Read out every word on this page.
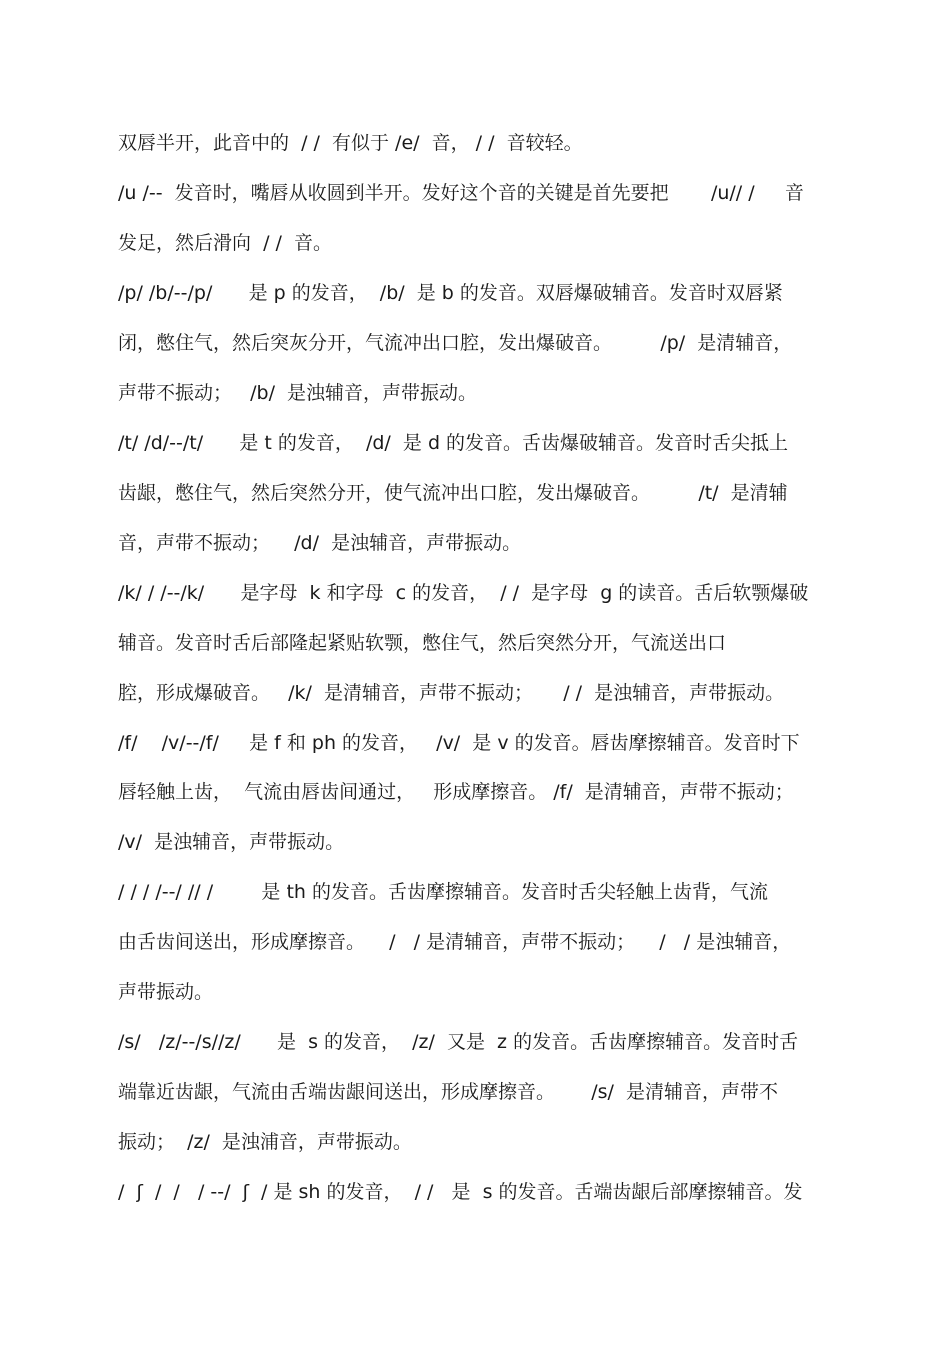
双唇半开，此音中的  / /  有似于 /e/  音， / /  音较轻。
/u /--  发音时，嘴唇从收圆到半开。发好这个音的关键是首先要把       /u// /     音
发足，然后滑向  / /  音。
/p/ /b/--/p/      是 p 的发音，  /b/  是 b 的发音。双唇爆破辅音。发音时双唇紧
闭，憋住气，然后突灰分开，气流冲出口腔，发出爆破音。        /p/  是清辅音，
声带不振动；   /b/  是浊辅音，声带振动。
/t/ /d/--/t/      是 t 的发音，  /d/  是 d 的发音。舌齿爆破辅音。发音时舌尖抵上
齿龈，憋住气，然后突然分开，使气流冲出口腔，发出爆破音。        /t/  是清辅
音，声带不振动；    /d/  是浊辅音，声带振动。
/k/ / /--/k/      是字母  k 和字母  c 的发音，  / /  是字母  g 的读音。舌后软颚爆破
辅音。发音时舌后部隆起紧贴软颚，憋住气，然后突然分开，气流送出口
腔，形成爆破音。   /k/  是清辅音，声带不振动；     / /  是浊辅音，声带振动。
/f/    /v/--/f/     是 f 和 ph 的发音，   /v/  是 v 的发音。唇齿摩擦辅音。发音时下
唇轻触上齿，  气流由唇齿间通过，   形成摩擦音。 /f/  是清辅音，声带不振动；
/v/  是浊辅音，声带振动。
/ / / /--/ // /        是 th 的发音。舌齿摩擦辅音。发音时舌尖轻触上齿背，气流
由舌齿间送出，形成摩擦音。    /   / 是清辅音，声带不振动；    /   / 是浊辅音，
声带振动。
/s/   /z/--/s//z/      是  s 的发音，  /z/  又是  z 的发音。舌齿摩擦辅音。发音时舌
端靠近齿龈，气流由舌端齿龈间送出，形成摩擦音。      /s/  是清辅音，声带不
振动；  /z/  是浊浦音，声带振动。
/  ʃ  /  /   / --/  ʃ  / 是 sh 的发音，  / /   是  s 的发音。舌端齿龈后部摩擦辅音。发
